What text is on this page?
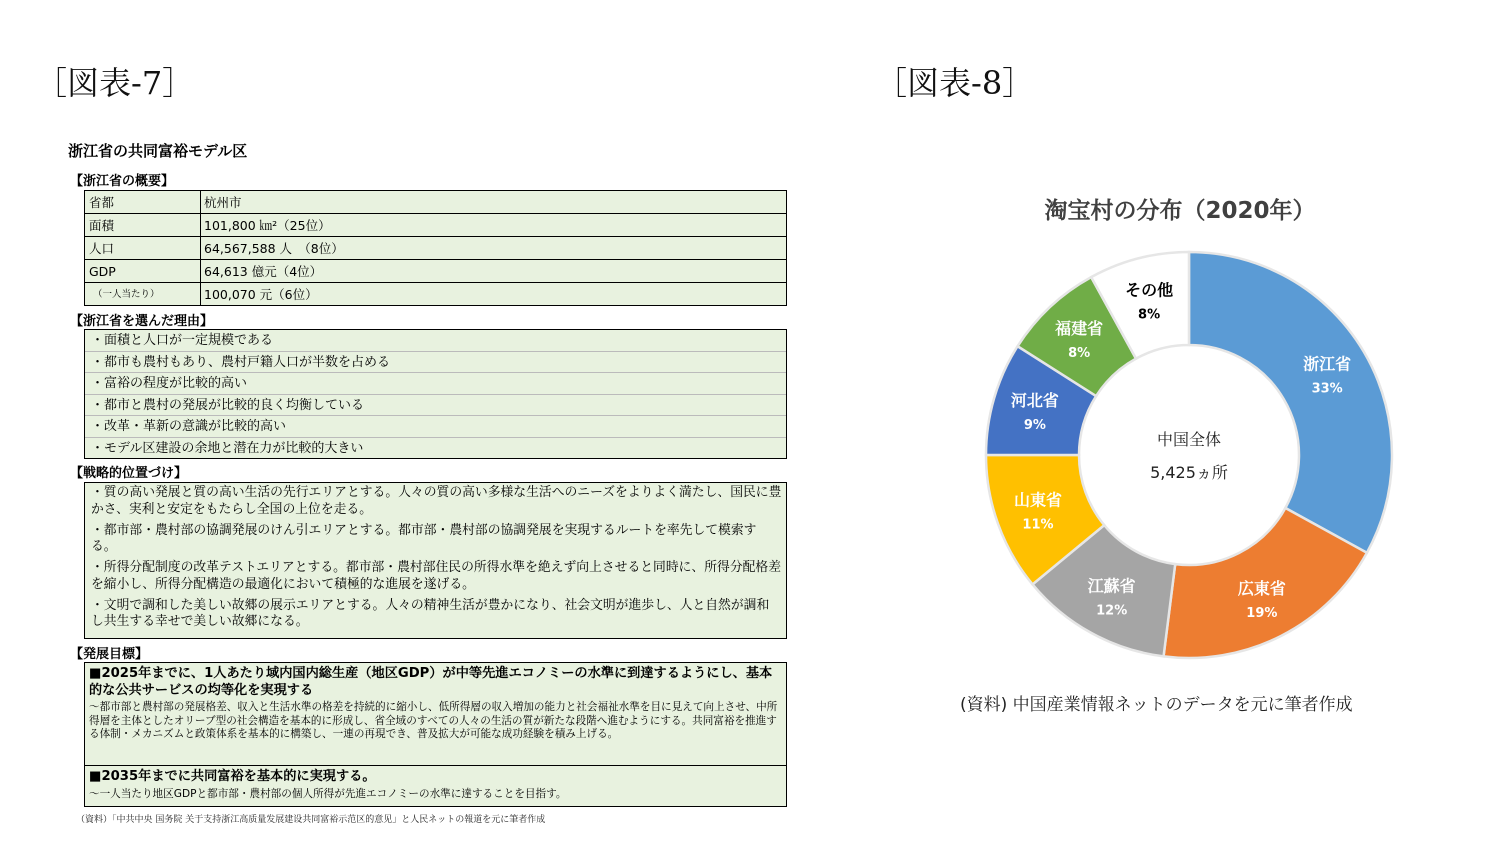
［図表-7］	［図表-8］
浙江省の共同富裕モデル区
【浙江省の概要】
省都	杭州市
面積	101,800 ㎞²（25位）
人口	64,567,588 人　（8位）
GDP	64,613 億元（4位）
（一人当たり）	100,070 元（6位）
【浙江省を選んだ理由】
・面積と人口が一定規模である
・都市も農村もあり、農村戸籍人口が半数を占める
・富裕の程度が比較的高い
・都市と農村の発展が比較的良く均衡している
・改革・革新の意識が比較的高い
・モデル区建設の余地と潜在力が比較的大きい
【戦略的位置づけ】
・質の高い発展と質の高い生活の先行エリアとする。人々の質の高い多様な生活へのニーズをよりよく満たし、国民に豊かさ、実利と安定をもたらし全国の上位を走る。
・都市部・農村部の協調発展のけん引エリアとする。都市部・農村部の協調発展を実現するルートを率先して模索する。
・所得分配制度の改革テストエリアとする。都市部・農村部住民の所得水準を絶えず向上させると同時に、所得分配格差を縮小し、所得分配構造の最適化において積極的な進展を遂げる。
・文明で調和した美しい故郷の展示エリアとする。人々の精神生活が豊かになり、社会文明が進歩し、人と自然が調和し共生する幸せで美しい故郷になる。
【発展目標】
■2025年までに、1人あたり域内国内総生産（地区GDP）が中等先進エコノミーの水準に到達するようにし、基本的な公共サービスの均等化を実現する
～都市部と農村部の発展格差、収入と生活水準の格差を持続的に縮小し、低所得層の収入増加の能力と社会福祉水準を目に見えて向上させ、中所得層を主体としたオリーブ型の社会構造を基本的に形成し、省全域のすべての人々の生活の質が新たな段階へ進むようにする。共同富裕を推進する体制・メカニズムと政策体系を基本的に構築し、一連の再現でき、普及拡大が可能な成功経験を積み上げる。
■2035年までに共同富裕を基本的に実現する。
～一人当たり地区GDPと都市部・農村部の個人所得が先進エコノミーの水準に達することを目指す。
（資料）「中共中央 国务院 关于支持浙江高质量发展建设共同富裕示范区的意见」と人民ネットの報道を元に筆者作成
淘宝村の分布（2020年）
浙江省
33%
広東省
19%
江蘇省
12%
山東省
11%
河北省
9%
福建省
8%
その他
8%
中国全体
5,425ヵ所
(資料) 中国産業情報ネットのデータを元に筆者作成
